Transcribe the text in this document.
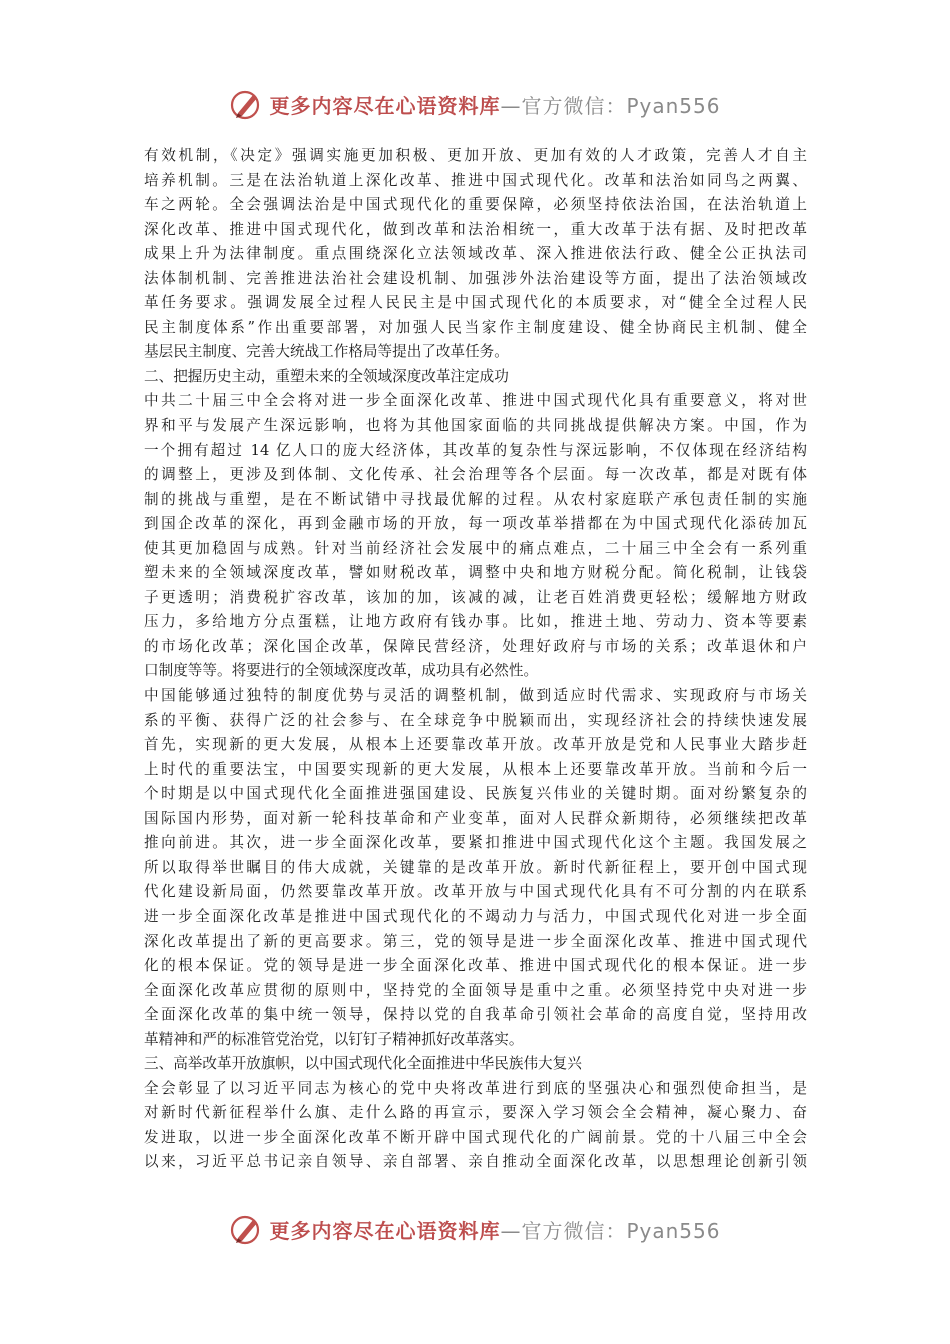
更多内容尽在心语资料库—官方微信：Pyan556
有效机制，《决定》强调实施更加积极、更加开放、更加有效的人才政策，完善人才自主
培养机制。三是在法治轨道上深化改革、推进中国式现代化。改革和法治如同鸟之两翼、
车之两轮。全会强调法治是中国式现代化的重要保障，必须坚持依法治国，在法治轨道上
深化改革、推进中国式现代化，做到改革和法治相统一，重大改革于法有据、及时把改革
成果上升为法律制度。重点围绕深化立法领域改革、深入推进依法行政、健全公正执法司
法体制机制、完善推进法治社会建设机制、加强涉外法治建设等方面，提出了法治领域改
革任务要求。强调发展全过程人民民主是中国式现代化的本质要求，对“健全全过程人民
民主制度体系”作出重要部署，对加强人民当家作主制度建设、健全协商民主机制、健全
基层民主制度、完善大统战工作格局等提出了改革任务。
二、把握历史主动，重塑未来的全领域深度改革注定成功
中共二十届三中全会将对进一步全面深化改革、推进中国式现代化具有重要意义，将对世
界和平与发展产生深远影响，也将为其他国家面临的共同挑战提供解决方案。中国，作为
一个拥有超过 14 亿人口的庞大经济体，其改革的复杂性与深远影响，不仅体现在经济结构
的调整上，更涉及到体制、文化传承、社会治理等各个层面。每一次改革，都是对既有体
制的挑战与重塑，是在不断试错中寻找最优解的过程。从农村家庭联产承包责任制的实施
到国企改革的深化，再到金融市场的开放，每一项改革举措都在为中国式现代化添砖加瓦
使其更加稳固与成熟。针对当前经济社会发展中的痛点难点，二十届三中全会有一系列重
塑未来的全领域深度改革，譬如财税改革，调整中央和地方财税分配。简化税制，让钱袋
子更透明；消费税扩容改革，该加的加，该减的减，让老百姓消费更轻松；缓解地方财政
压力，多给地方分点蛋糕，让地方政府有钱办事。比如，推进土地、劳动力、资本等要素
的市场化改革；深化国企改革，保障民营经济，处理好政府与市场的关系；改革退休和户
口制度等等。将要进行的全领域深度改革，成功具有必然性。
中国能够通过独特的制度优势与灵活的调整机制，做到适应时代需求、实现政府与市场关
系的平衡、获得广泛的社会参与、在全球竞争中脱颖而出，实现经济社会的持续快速发展
首先，实现新的更大发展，从根本上还要靠改革开放。改革开放是党和人民事业大踏步赶
上时代的重要法宝，中国要实现新的更大发展，从根本上还要靠改革开放。当前和今后一
个时期是以中国式现代化全面推进强国建设、民族复兴伟业的关键时期。面对纷繁复杂的
国际国内形势，面对新一轮科技革命和产业变革，面对人民群众新期待，必须继续把改革
推向前进。其次，进一步全面深化改革，要紧扣推进中国式现代化这个主题。我国发展之
所以取得举世瞩目的伟大成就，关键靠的是改革开放。新时代新征程上，要开创中国式现
代化建设新局面，仍然要靠改革开放。改革开放与中国式现代化具有不可分割的内在联系
进一步全面深化改革是推进中国式现代化的不竭动力与活力，中国式现代化对进一步全面
深化改革提出了新的更高要求。第三，党的领导是进一步全面深化改革、推进中国式现代
化的根本保证。党的领导是进一步全面深化改革、推进中国式现代化的根本保证。进一步
全面深化改革应贯彻的原则中，坚持党的全面领导是重中之重。必须坚持党中央对进一步
全面深化改革的集中统一领导，保持以党的自我革命引领社会革命的高度自觉，坚持用改
革精神和严的标准管党治党，以钉钉子精神抓好改革落实。
三、高举改革开放旗帜，以中国式现代化全面推进中华民族伟大复兴
全会彰显了以习近平同志为核心的党中央将改革进行到底的坚强决心和强烈使命担当，是
对新时代新征程举什么旗、走什么路的再宣示，要深入学习领会全会精神，凝心聚力、奋
发进取，以进一步全面深化改革不断开辟中国式现代化的广阔前景。党的十八届三中全会
以来，习近平总书记亲自领导、亲自部署、亲自推动全面深化改革，以思想理论创新引领
更多内容尽在心语资料库—官方微信：Pyan556
